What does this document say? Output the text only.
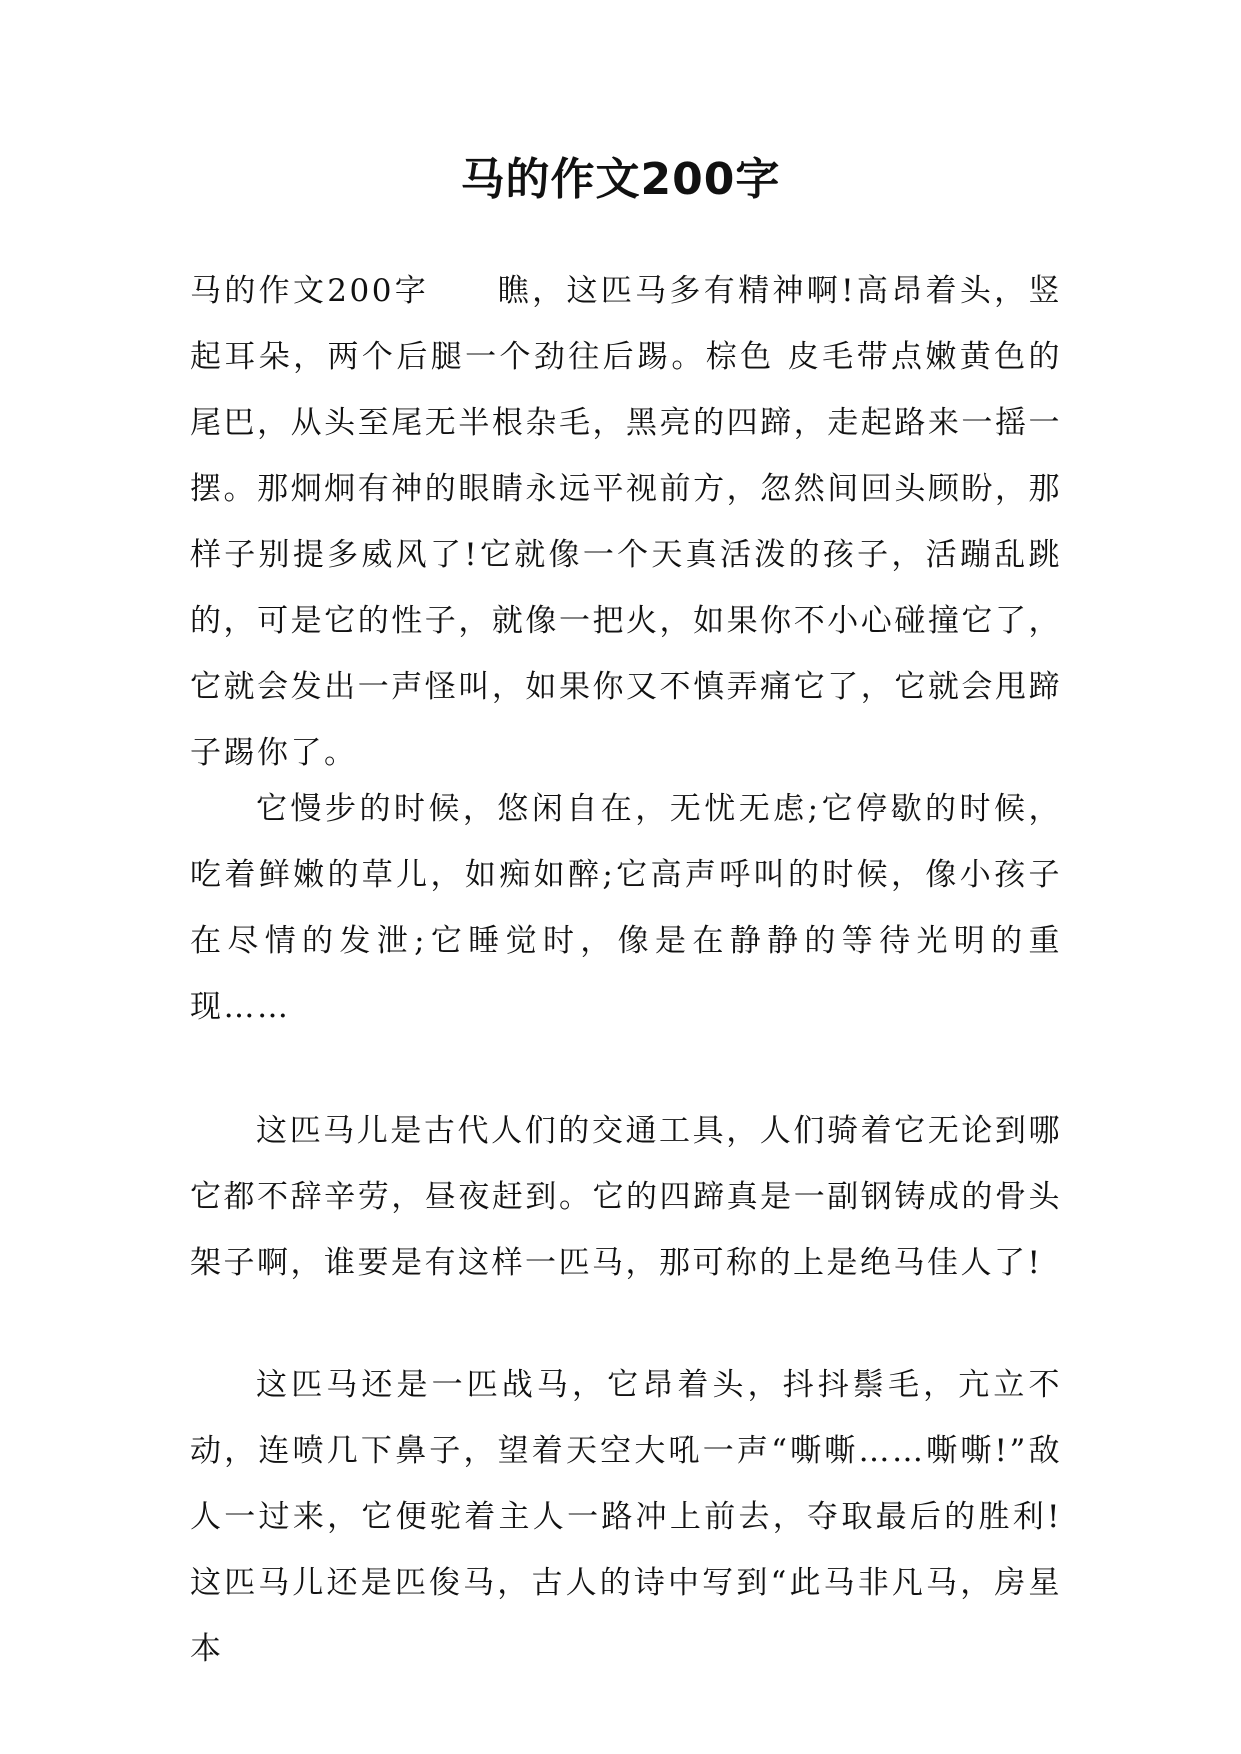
马的作文200字

马的作文200字　　瞧，这匹马多有精神啊!高昂着头，竖起耳朵，两个后腿一个劲往后踢。棕色 皮毛带点嫩黄色的尾巴，从头至尾无半根杂毛，黑亮的四蹄，走起路来一摇一摆。那炯炯有神的眼睛永远平视前方，忽然间回头顾盼，那样子别提多威风了!它就像一个天真活泼的孩子，活蹦乱跳的，可是它的性子，就像一把火，如果你不小心碰撞它了，它就会发出一声怪叫，如果你又不慎弄痛它了，它就会甩蹄子踢你了。

它慢步的时候，悠闲自在，无忧无虑;它停歇的时候，吃着鲜嫩的草儿，如痴如醉;它高声呼叫的时候，像小孩子在尽情的发泄;它睡觉时，像是在静静的等待光明的重现……

这匹马儿是古代人们的交通工具，人们骑着它无论到哪它都不辞辛劳，昼夜赶到。它的四蹄真是一副钢铸成的骨头架子啊，谁要是有这样一匹马，那可称的上是绝马佳人了!

这匹马还是一匹战马，它昂着头，抖抖鬃毛，亢立不动，连喷几下鼻子，望着天空大吼一声“嘶嘶……嘶嘶!”敌人一过来，它便驼着主人一路冲上前去，夺取最后的胜利!这匹马儿还是匹俊马，古人的诗中写到“此马非凡马，房星本
